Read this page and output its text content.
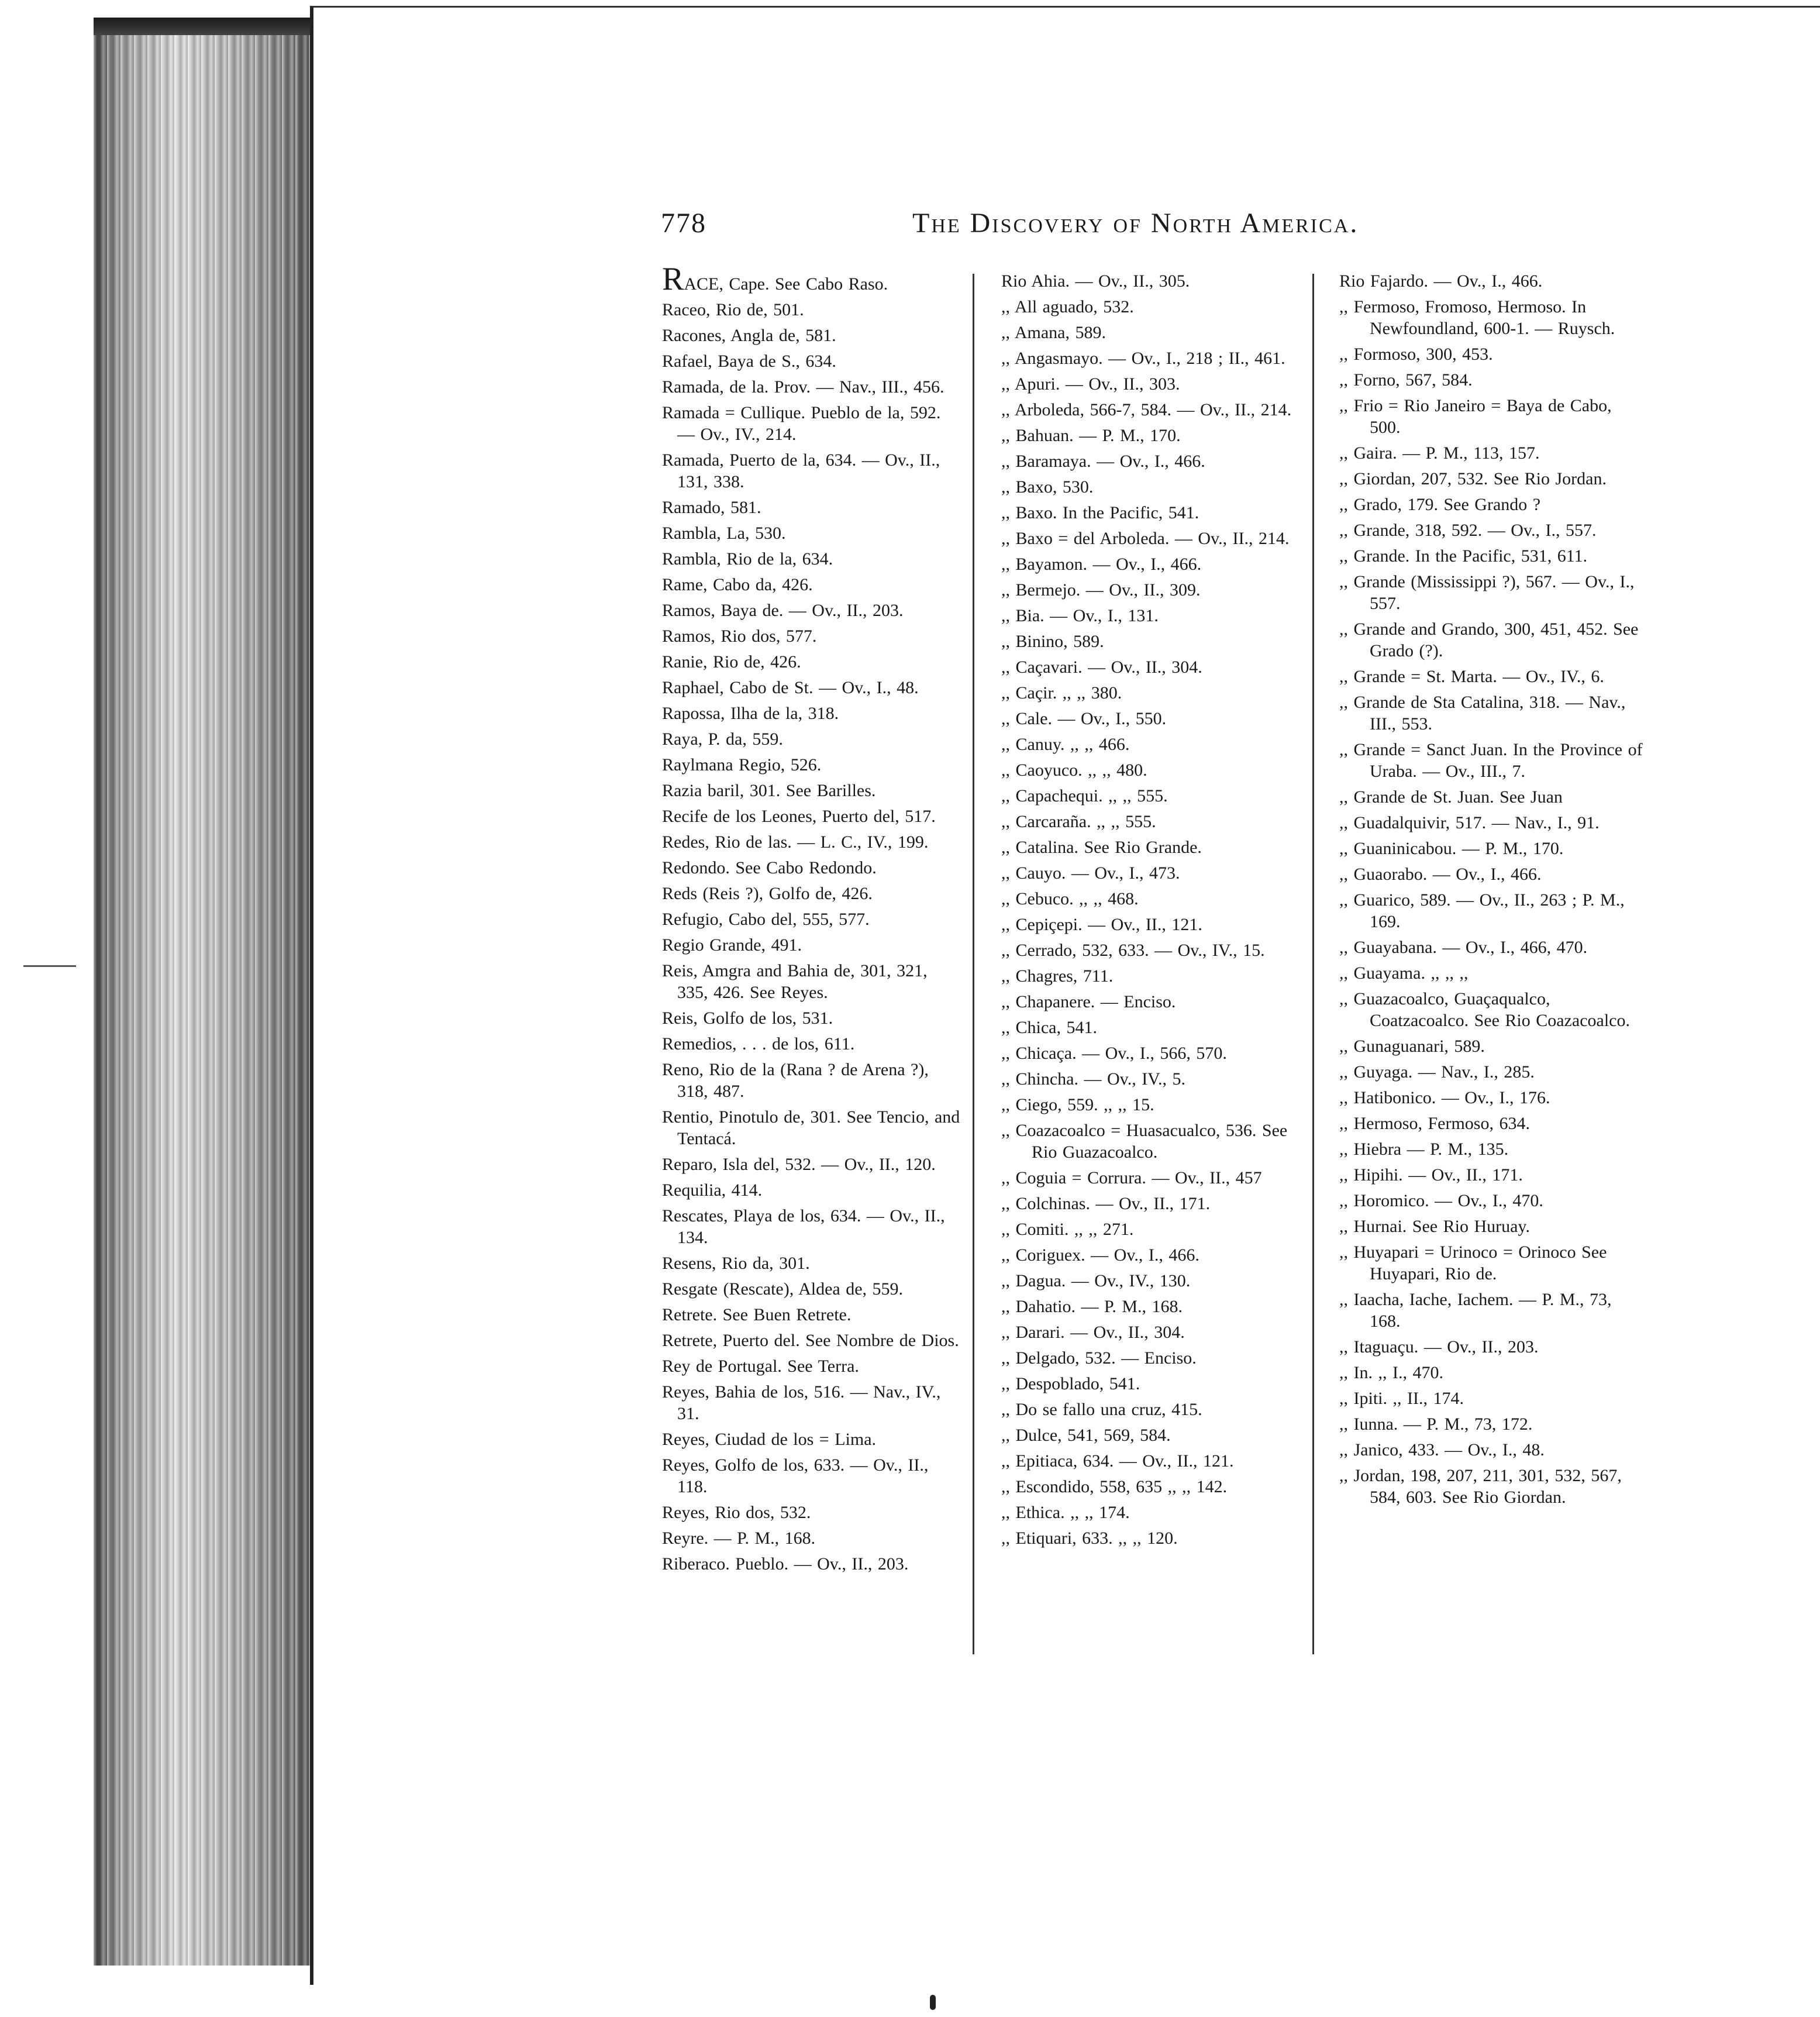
778	The Discovery of North America.
RACE, Cape. See Cabo Raso.
Raceo, Rio de, 501.
Racones, Angla de, 581.
Rafael, Baya de S., 634.
Ramada, de la. Prov. — Nav., III., 456.
Ramada = Cullique. Pueblo de la, 592. — Ov., IV., 214.
Ramada, Puerto de la, 634. — Ov., II., 131, 338.
Ramado, 581.
Rambla, La, 530.
Rambla, Rio de la, 634.
Rame, Cabo da, 426.
Ramos, Baya de. — Ov., II., 203.
Ramos, Rio dos, 577.
Ranie, Rio de, 426.
Raphael, Cabo de St. — Ov., I., 48.
Rapossa, Ilha de la, 318.
Raya, P. da, 559.
Raylmana Regio, 526.
Razia baril, 301. See Barilles.
Recife de los Leones, Puerto del, 517.
Redes, Rio de las. — L. C., IV., 199.
Redondo. See Cabo Redondo.
Reds (Reis ?), Golfo de, 426.
Refugio, Cabo del, 555, 577.
Regio Grande, 491.
Reis, Amgra and Bahia de, 301, 321, 335, 426. See Reyes.
Reis, Golfo de los, 531.
Remedios, . . . de los, 611.
Reno, Rio de la (Rana ? de Arena ?), 318, 487.
Rentio, Pinotulo de, 301. See Tencio, and Tentacá.
Reparo, Isla del, 532. — Ov., II., 120.
Requilia, 414.
Rescates, Playa de los, 634. — Ov., II., 134.
Resens, Rio da, 301.
Resgate (Rescate), Aldea de, 559.
Retrete. See Buen Retrete.
Retrete, Puerto del. See Nombre de Dios.
Rey de Portugal. See Terra.
Reyes, Bahia de los, 516. — Nav., IV., 31.
Reyes, Ciudad de los = Lima.
Reyes, Golfo de los, 633. — Ov., II., 118.
Reyes, Rio dos, 532.
Reyre. — P. M., 168.
Riberaco. Pueblo. — Ov., II., 203.
Rio Ahia. — Ov., II., 305.
,, All aguado, 532.
,, Amana, 589.
,, Angasmayo. — Ov., I., 218 ; II., 461.
,, Apuri. — Ov., II., 303.
,, Arboleda, 566-7, 584. — Ov., II., 214.
,, Bahuan. — P. M., 170.
,, Baramaya. — Ov., I., 466.
,, Baxo, 530.
,, Baxo. In the Pacific, 541.
,, Baxo = del Arboleda. — Ov., II., 214.
,, Bayamon. — Ov., I., 466.
,, Bermejo. — Ov., II., 309.
,, Bia. — Ov., I., 131.
,, Binino, 589.
,, Caçavari. — Ov., II., 304.
,, Caçir. ,, ,, 380.
,, Cale. — Ov., I., 550.
,, Canuy. ,, ,, 466.
,, Caoyuco. ,, ,, 480.
,, Capachequi. ,, ,, 555.
,, Carcaraña. ,, ,, 555.
,, Catalina. See Rio Grande.
,, Cauyo. — Ov., I., 473.
,, Cebuco. ,, ,, 468.
,, Cepiçepi. — Ov., II., 121.
,, Cerrado, 532, 633. — Ov., IV., 15.
,, Chagres, 711.
,, Chapanere. — Enciso.
,, Chica, 541.
,, Chicaça. — Ov., I., 566, 570.
,, Chincha. — Ov., IV., 5.
,, Ciego, 559. ,, ,, 15.
,, Coazacoalco = Huasacualco, 536. See Rio Guazacoalco.
,, Coguia = Corrura. — Ov., II., 457
,, Colchinas. — Ov., II., 171.
,, Comiti. ,, ,, 271.
,, Coriguex. — Ov., I., 466.
,, Dagua. — Ov., IV., 130.
,, Dahatio. — P. M., 168.
,, Darari. — Ov., II., 304.
,, Delgado, 532. — Enciso.
,, Despoblado, 541.
,, Do se fallo una cruz, 415.
,, Dulce, 541, 569, 584.
,, Epitiaca, 634. — Ov., II., 121.
,, Escondido, 558, 635 ,, ,, 142.
,, Ethica. ,, ,, 174.
,, Etiquari, 633. ,, ,, 120.
Rio Fajardo. — Ov., I., 466.
,, Fermoso, Fromoso, Hermoso. In Newfoundland, 600-1. — Ruysch.
,, Formoso, 300, 453.
,, Forno, 567, 584.
,, Frio = Rio Janeiro = Baya de Cabo, 500.
,, Gaira. — P. M., 113, 157.
,, Giordan, 207, 532. See Rio Jordan.
,, Grado, 179. See Grando ?
,, Grande, 318, 592. — Ov., I., 557.
,, Grande. In the Pacific, 531, 611.
,, Grande (Mississippi ?), 567. — Ov., I., 557.
,, Grande and Grando, 300, 451, 452. See Grado (?).
,, Grande = St. Marta. — Ov., IV., 6.
,, Grande de Sta Catalina, 318. — Nav., III., 553.
,, Grande = Sanct Juan. In the Province of Uraba. — Ov., III., 7.
,, Grande de St. Juan. See Juan
,, Guadalquivir, 517. — Nav., I., 91.
,, Guaninicabou. — P. M., 170.
,, Guaorabo. — Ov., I., 466.
,, Guarico, 589. — Ov., II., 263 ; P. M., 169.
,, Guayabana. — Ov., I., 466, 470.
,, Guayama. ,, ,, ,,
,, Guazacoalco, Guaçaqualco, Coatzacoalco. See Rio Coazacoalco.
,, Gunaguanari, 589.
,, Guyaga. — Nav., I., 285.
,, Hatibonico. — Ov., I., 176.
,, Hermoso, Fermoso, 634.
,, Hiebra — P. M., 135.
,, Hipihi. — Ov., II., 171.
,, Horomico. — Ov., I., 470.
,, Hurnai. See Rio Huruay.
,, Huyapari = Urinoco = Orinoco See Huyapari, Rio de.
,, Iaacha, Iache, Iachem. — P. M., 73, 168.
,, Itaguaçu. — Ov., II., 203.
,, In. ,, I., 470.
,, Ipiti. ,, II., 174.
,, Iunna. — P. M., 73, 172.
,, Janico, 433. — Ov., I., 48.
,, Jordan, 198, 207, 211, 301, 532, 567, 584, 603. See Rio Giordan.
